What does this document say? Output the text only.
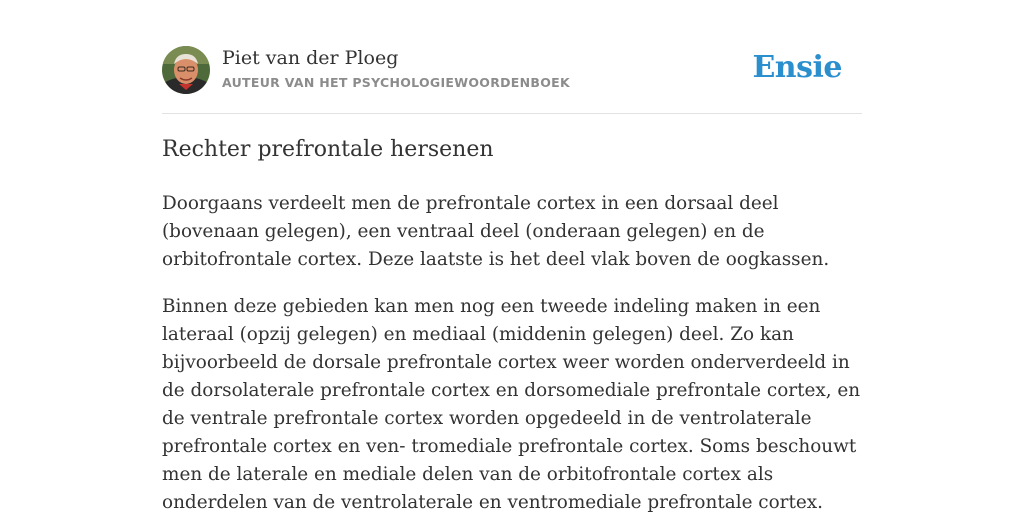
Piet van der Ploeg
AUTEUR VAN HET PSYCHOLOGIEWOORDENBOEK	Ensie
Rechter prefrontale hersenen

Doorgaans verdeelt men de prefrontale cortex in een dorsaal deel (bovenaan gelegen), een ventraal deel (onderaan gelegen) en de orbitofrontale cortex. Deze laatste is het deel vlak boven de oogkassen.

Binnen deze gebieden kan men nog een tweede indeling maken in een lateraal (opzij gelegen) en mediaal (middenin gelegen) deel. Zo kan bijvoorbeeld de dorsale prefrontale cortex weer worden onderverdeeld in de dorsolaterale prefrontale cortex en dorsomediale prefrontale cortex, en de ventrale prefrontale cortex worden opgedeeld in de ventrolaterale prefrontale cortex en ven- tromediale prefrontale cortex. Soms beschouwt men de laterale en mediale delen van de orbitofrontale cortex als onderdelen van de ventrolaterale en ventromediale prefrontale cortex.
